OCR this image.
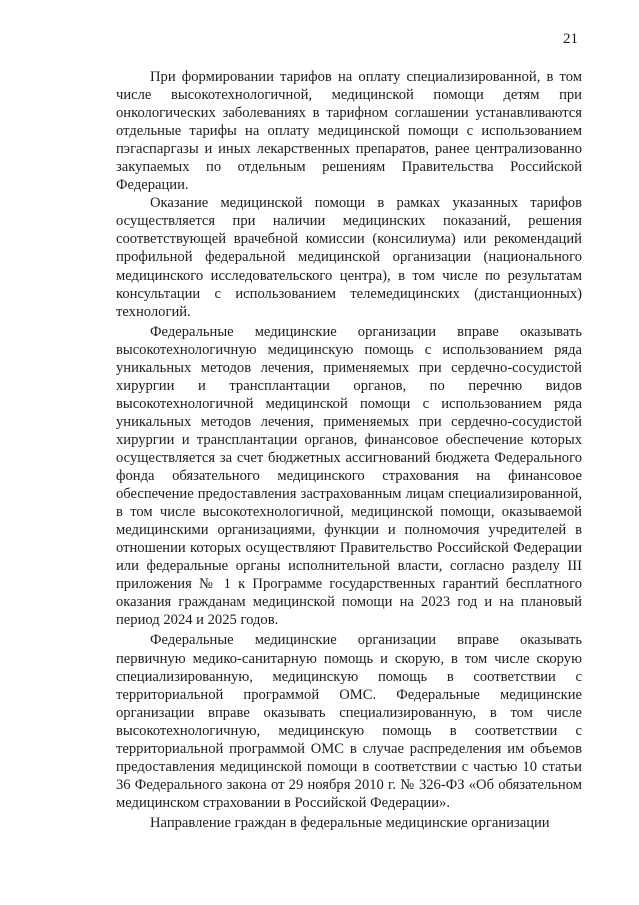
21

При формировании тарифов на оплату специализированной, в том числе высокотехнологичной, медицинской помощи детям при онкологических заболеваниях в тарифном соглашении устанавливаются отдельные тарифы на оплату медицинской помощи с использованием пэгаспаргазы и иных лекарственных препаратов, ранее централизованно закупаемых по отдельным решениям Правительства Российской Федерации.

Оказание медицинской помощи в рамках указанных тарифов осуществляется при наличии медицинских показаний, решения соответствующей врачебной комиссии (консилиума) или рекомендаций профильной федеральной медицинской организации (национального медицинского исследовательского центра), в том числе по результатам консультации с использованием телемедицинских (дистанционных) технологий.

Федеральные медицинские организации вправе оказывать высокотехнологичную медицинскую помощь с использованием ряда уникальных методов лечения, применяемых при сердечно-сосудистой хирургии и трансплантации органов, по перечню видов высокотехнологичной медицинской помощи с использованием ряда уникальных методов лечения, применяемых при сердечно-сосудистой хирургии и трансплантации органов, финансовое обеспечение которых осуществляется за счет бюджетных ассигнований бюджета Федерального фонда обязательного медицинского страхования на финансовое обеспечение предоставления застрахованным лицам специализированной, в том числе высокотехнологичной, медицинской помощи, оказываемой медицинскими организациями, функции и полномочия учредителей в отношении которых осуществляют Правительство Российской Федерации или федеральные органы исполнительной власти, согласно разделу III приложения № 1 к Программе государственных гарантий бесплатного оказания гражданам медицинской помощи на 2023 год и на плановый период 2024 и 2025 годов.

Федеральные медицинские организации вправе оказывать первичную медико-санитарную помощь и скорую, в том числе скорую специализированную, медицинскую помощь в соответствии с территориальной программой ОМС. Федеральные медицинские организации вправе оказывать специализированную, в том числе высокотехнологичную, медицинскую помощь в соответствии с территориальной программой ОМС в случае распределения им объемов предоставления медицинской помощи в соответствии с частью 10 статьи 36 Федерального закона от 29 ноября 2010 г. № 326-ФЗ «Об обязательном медицинском страховании в Российской Федерации».

Направление граждан в федеральные медицинские организации
